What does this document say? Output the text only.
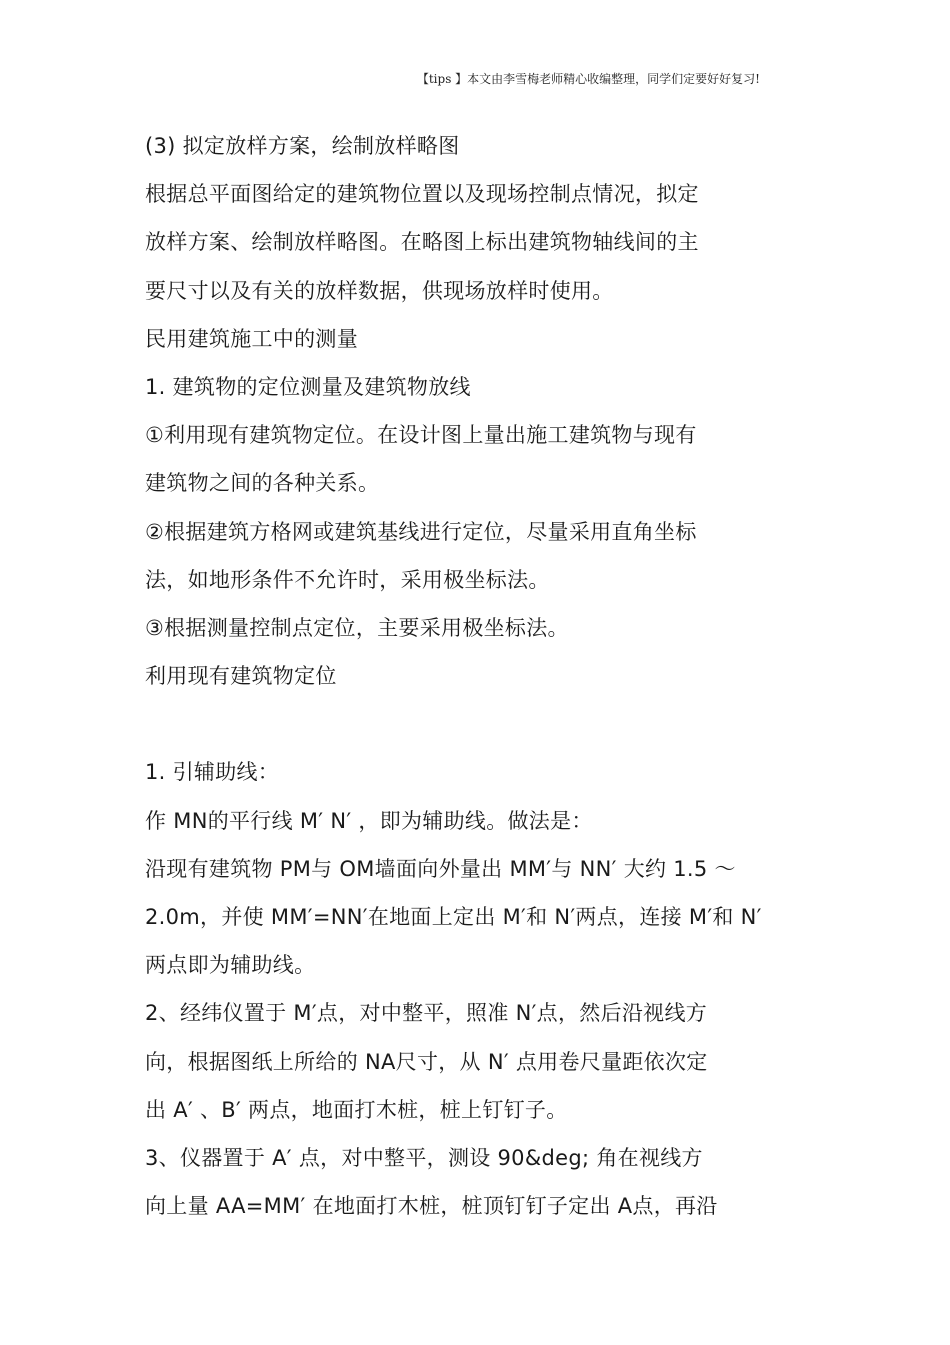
【tips 】本文由李雪梅老师精心收编整理，同学们定要好好复习!
(3) 拟定放样方案，绘制放样略图
根据总平面图给定的建筑物位置以及现场控制点情况，拟定
放样方案、绘制放样略图。在略图上标出建筑物轴线间的主
要尺寸以及有关的放样数据，供现场放样时使用。
民用建筑施工中的测量
1. 建筑物的定位测量及建筑物放线
①利用现有建筑物定位。在设计图上量出施工建筑物与现有
建筑物之间的各种关系。
②根据建筑方格网或建筑基线进行定位，尽量采用直角坐标
法，如地形条件不允许时，采用极坐标法。
③根据测量控制点定位，主要采用极坐标法。
利用现有建筑物定位
1. 引辅助线：
作 MN的平行线 M′ N′ ，即为辅助线。做法是：
沿现有建筑物 PM与 OM墙面向外量出 MM′与 NN′ 大约 1.5 ～
2.0m，并使 MM′=NN′在地面上定出 M′和 N′两点，连接 M′和 N′
两点即为辅助线。
2、经纬仪置于 M′点，对中整平，照准 N′点，然后沿视线方
向，根据图纸上所给的 NA尺寸，从 N′ 点用卷尺量距依次定
出 A′ 、B′ 两点，地面打木桩，桩上钉钉子。
3、仪器置于 A′ 点，对中整平，测设 90&deg; 角在视线方
向上量 AA=MM′ 在地面打木桩，桩顶钉钉子定出 A点，再沿
